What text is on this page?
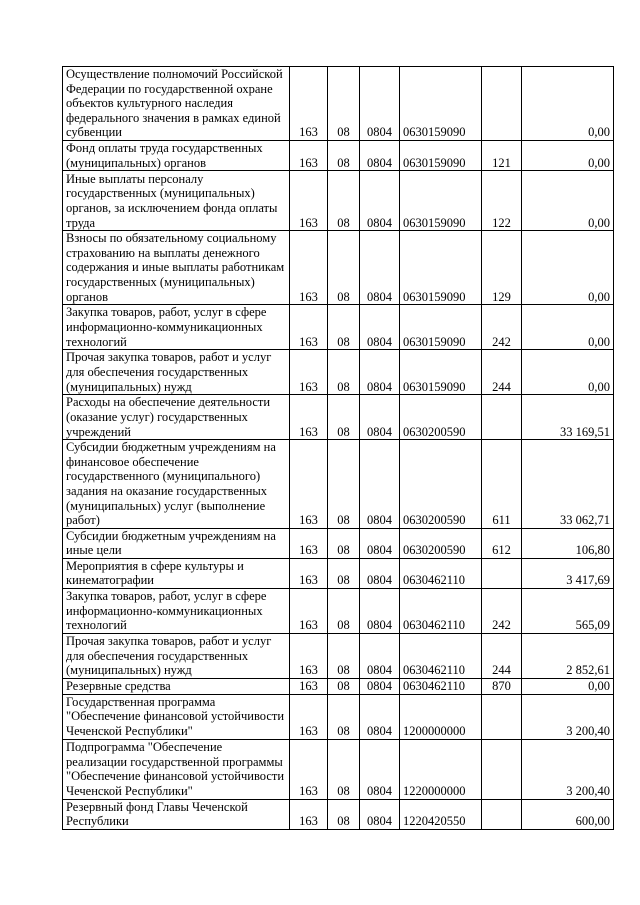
Осуществление полномочий Российской Федерации по государственной охране объектов культурного наследия федерального значения в рамках единой субвенции	163	08	0804	0630159090		0,00
Фонд оплаты труда государственных (муниципальных) органов	163	08	0804	0630159090	121	0,00
Иные выплаты персоналу государственных (муниципальных) органов, за исключением фонда оплаты труда	163	08	0804	0630159090	122	0,00
Взносы по обязательному социальному страхованию на выплаты денежного содержания и иные выплаты работникам государственных (муниципальных) органов	163	08	0804	0630159090	129	0,00
Закупка товаров, работ, услуг в сфере информационно-коммуникационных технологий	163	08	0804	0630159090	242	0,00
Прочая закупка товаров, работ и услуг для обеспечения государственных (муниципальных) нужд	163	08	0804	0630159090	244	0,00
Расходы на обеспечение деятельности (оказание услуг) государственных учреждений	163	08	0804	0630200590		33 169,51
Субсидии бюджетным учреждениям на финансовое обеспечение государственного (муниципального) задания на оказание государственных (муниципальных) услуг (выполнение работ)	163	08	0804	0630200590	611	33 062,71
Субсидии бюджетным учреждениям на иные цели	163	08	0804	0630200590	612	106,80
Мероприятия в сфере культуры и кинематографии	163	08	0804	0630462110		3 417,69
Закупка товаров, работ, услуг в сфере информационно-коммуникационных технологий	163	08	0804	0630462110	242	565,09
Прочая закупка товаров, работ и услуг для обеспечения государственных (муниципальных) нужд	163	08	0804	0630462110	244	2 852,61
Резервные средства	163	08	0804	0630462110	870	0,00
Государственная программа "Обеспечение финансовой устойчивости Чеченской Республики"	163	08	0804	1200000000		3 200,40
Подпрограмма "Обеспечение реализации государственной программы "Обеспечение финансовой устойчивости Чеченской Республики"	163	08	0804	1220000000		3 200,40
Резервный фонд Главы Чеченской Республики	163	08	0804	1220420550		600,00
